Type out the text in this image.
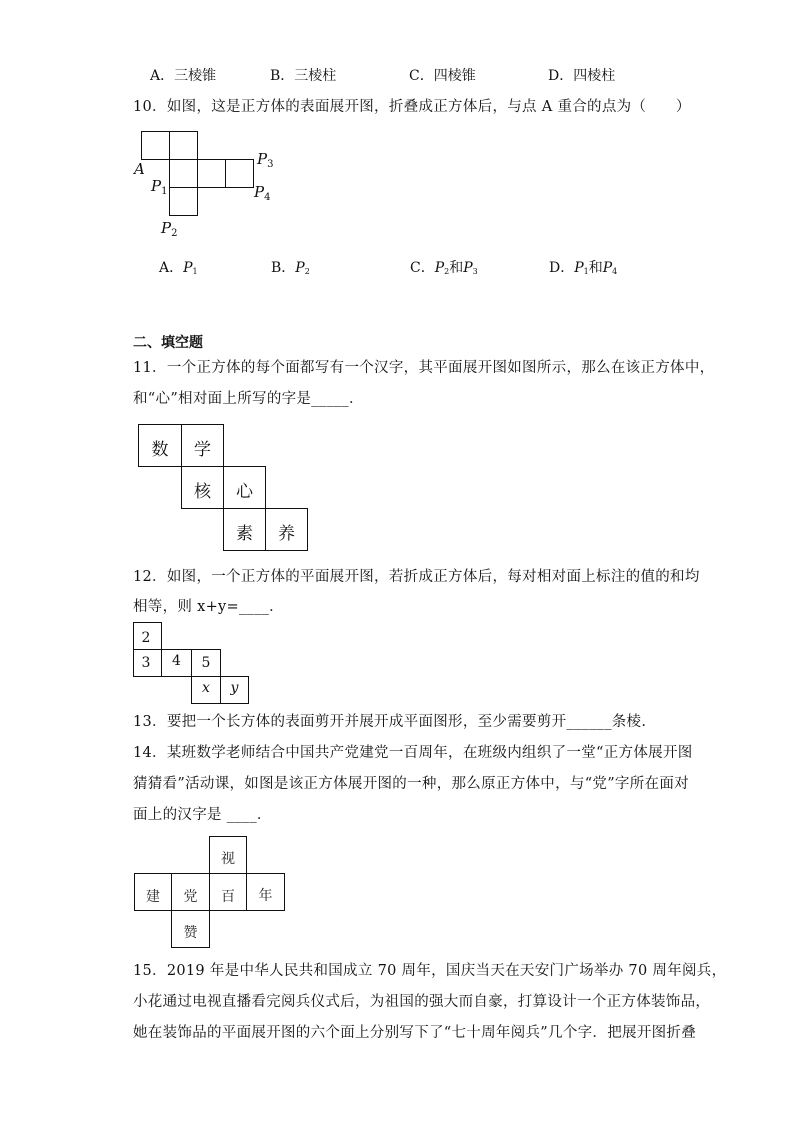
A．三棱锥	B．三棱柱	C．四棱锥	D．四棱柱
10．如图，这是正方体的表面展开图，折叠成正方体后，与点 A 重合的点为（　　）
A
$P_1$
$P_2$
$P_3$
$P_4$
A．$P_1$	B．$P_2$	C．$P_2$和$P_3$	D．$P_1$和$P_4$
二、填空题
11．一个正方体的每个面都写有一个汉字，其平面展开图如图所示，那么在该正方体中，
和“心”相对面上所写的字是_____．
数	学
核	心
素	养
12．如图，一个正方体的平面展开图，若折成正方体后，每对相对面上标注的值的和均
相等，则 x+y=____．
2
3	4	5
x	y
13．要把一个长方体的表面剪开并展开成平面图形，至少需要剪开______条棱.
14．某班数学老师结合中国共产党建党一百周年，在班级内组织了一堂“正方体展开图
猜猜看”活动课，如图是该正方体展开图的一种，那么原正方体中，与“党”字所在面对
面上的汉字是 ____．
视
建	党	百	年
赞
15．2019 年是中华人民共和国成立 70 周年，国庆当天在天安门广场举办 70 周年阅兵，
小花通过电视直播看完阅兵仪式后，为祖国的强大而自豪，打算设计一个正方体装饰品，
她在装饰品的平面展开图的六个面上分别写下了“七十周年阅兵”几个字．把展开图折叠
